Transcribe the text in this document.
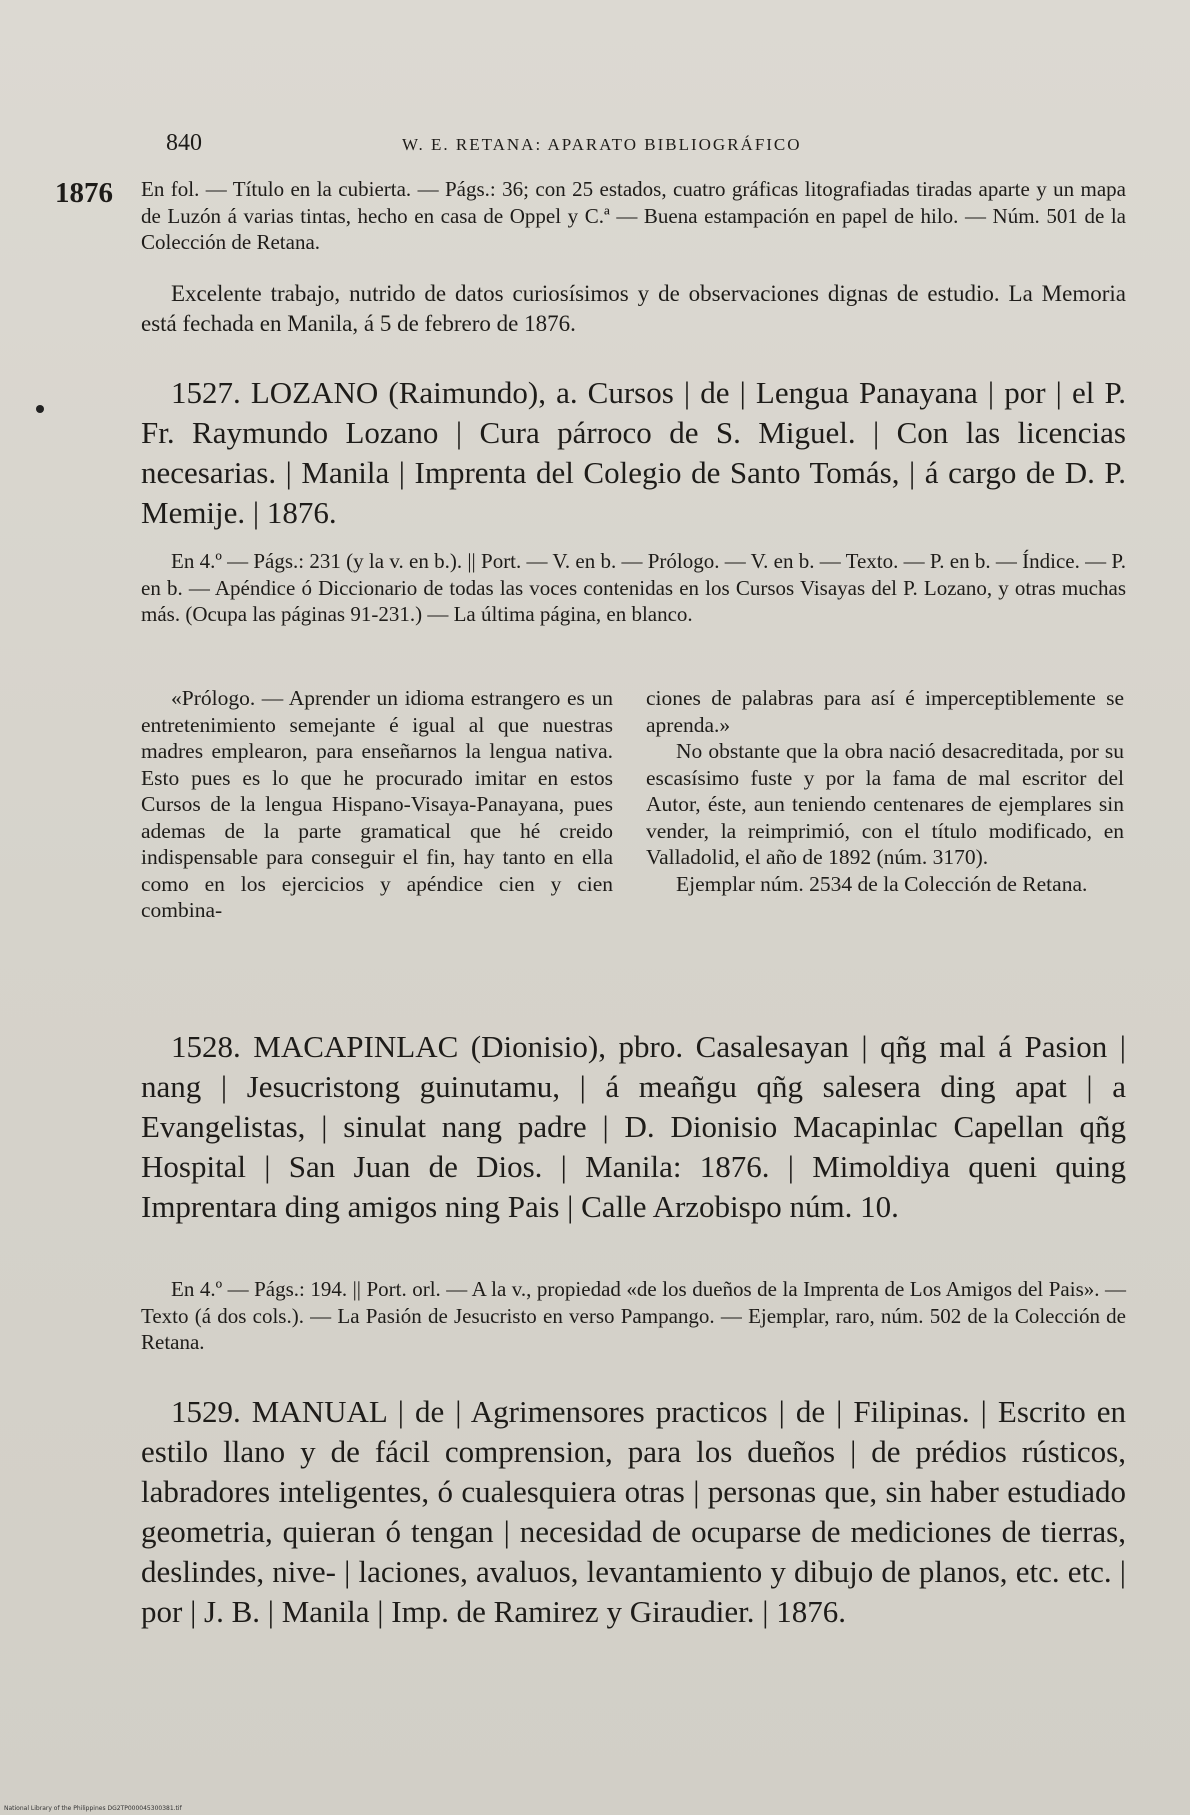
840	W. E. RETANA: APARATO BIBLIOGRÁFICO
1876 En fol. — Título en la cubierta. — Págs.: 36; con 25 estados, cuatro gráficas litografiadas tiradas aparte y un mapa de Luzón á varias tintas, hecho en casa de Oppel y C.ª — Buena estampación en papel de hilo. — Núm. 501 de la Colección de Retana.
Excelente trabajo, nutrido de datos curiosísimos y de observaciones dignas de estudio. La Memoria está fechada en Manila, á 5 de febrero de 1876.
1527. LOZANO (Raimundo), a. Cursos | de | Lengua Panayana | por | el P. Fr. Raymundo Lozano | Cura párroco de S. Miguel. | Con las licencias necesarias. | Manila | Imprenta del Colegio de Santo Tomás, | á cargo de D. P. Memije. | 1876.
En 4.º — Págs.: 231 (y la v. en b.). || Port. — V. en b. — Prólogo. — V. en b. — Texto. — P. en b. — Índice. — P. en b. — Apéndice ó Diccionario de todas las voces contenidas en los Cursos Visayas del P. Lozano, y otras muchas más. (Ocupa las páginas 91-231.) — La última página, en blanco.
«Prólogo. — Aprender un idioma estrangero es un entretenimiento semejante é igual al que nuestras madres emplearon, para enseñarnos la lengua nativa. Esto pues es lo que he procurado imitar en estos Cursos de la lengua Hispano-Visaya-Panayana, pues ademas de la parte gramatical que hé creido indispensable para conseguir el fin, hay tanto en ella como en los ejercicios y apéndice cien y cien combina-
ciones de palabras para así é imperceptiblemente se aprenda.»
No obstante que la obra nació desacreditada, por su escasísimo fuste y por la fama de mal escritor del Autor, éste, aun teniendo centenares de ejemplares sin vender, la reimprimió, con el título modificado, en Valladolid, el año de 1892 (núm. 3170).
Ejemplar núm. 2534 de la Colección de Retana.
1528. MACAPINLAC (Dionisio), pbro. Casalesayan | qñg mal á Pasion | nang | Jesucristong guinutamu, | á meañgu qñg salesera ding apat | a Evangelistas, | sinulat nang padre | D. Dionisio Macapinlac Capellan qñg Hospital | San Juan de Dios. | Manila: 1876. | Mimoldiya queni quing Imprentara ding amigos ning Pais | Calle Arzobispo núm. 10.
En 4.º — Págs.: 194. || Port. orl. — A la v., propiedad «de los dueños de la Imprenta de Los Amigos del Pais». — Texto (á dos cols.). — La Pasión de Jesucristo en verso Pampango. — Ejemplar, raro, núm. 502 de la Colección de Retana.
1529. MANUAL | de | Agrimensores practicos | de | Filipinas. | Escrito en estilo llano y de fácil comprension, para los dueños | de prédios rústicos, labradores inteligentes, ó cualesquiera otras | personas que, sin haber estudiado geometria, quieran ó tengan | necesidad de ocuparse de mediciones de tierras, deslindes, nive- | laciones, avaluos, levantamiento y dibujo de planos, etc. etc. | por | J. B. | Manila | Imp. de Ramirez y Giraudier. | 1876.
National Library of the Philippines DG2TP000045300381.tif
